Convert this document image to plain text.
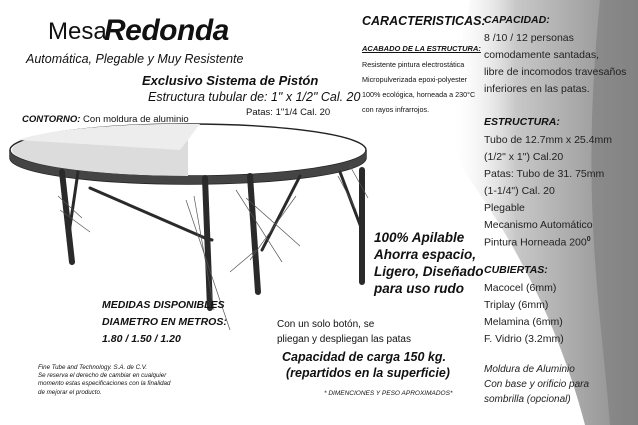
Mesa
Redonda
Automática, Plegable y Muy Resistente
Exclusivo Sistema de Pistón
Estructura tubular de: 1" x 1/2" Cal. 20
Patas: 1"1/4 Cal. 20
CONTORNO: Con moldura de aluminio
CARACTERISTICAS:
ACABADO DE LA ESTRUCTURA:
Resistente pintura electrostática
Micropulverizada epoxi-polyester
100% ecológica, horneada a 230°C
con rayos infrarrojos.
CAPACIDAD:
8 /10 / 12 personas
comodamente santadas,
libre de incomodos travesaños
inferiores en las patas.
ESTRUCTURA:
Tubo de 12.7mm x 25.4mm
(1/2" x 1") Cal.20
Patas: Tubo de 31. 75mm
(1-1/4") Cal. 20
Plegable
Mecanismo Automático
Pintura Horneada $200^0$
CUBIERTAS:
Macocel (6mm)
Triplay (6mm)
Melamina (6mm)
F. Vidrio (3.2mm)
100% Apilable
Ahorra espacio,
Ligero, Diseñado
para uso rudo
MEDIDAS DISPONIBLES
DIAMETRO EN METROS:
1.80 / 1.50 / 1.20
Con un solo botón, se
pliegan y despliegan las patas
Capacidad de carga 150 kg.
(repartidos en la superficie)
* DIMENCIONES Y PESO APROXIMADOS*
Fine Tube and Technology. S.A. de C.V.
Se reserva el derecho de cambiar en cualquier
momento estas especificaciones con la finalidad
de mejorar el producto.
Moldura de Aluminio
Con base y orificio para
sombrilla (opcional)
